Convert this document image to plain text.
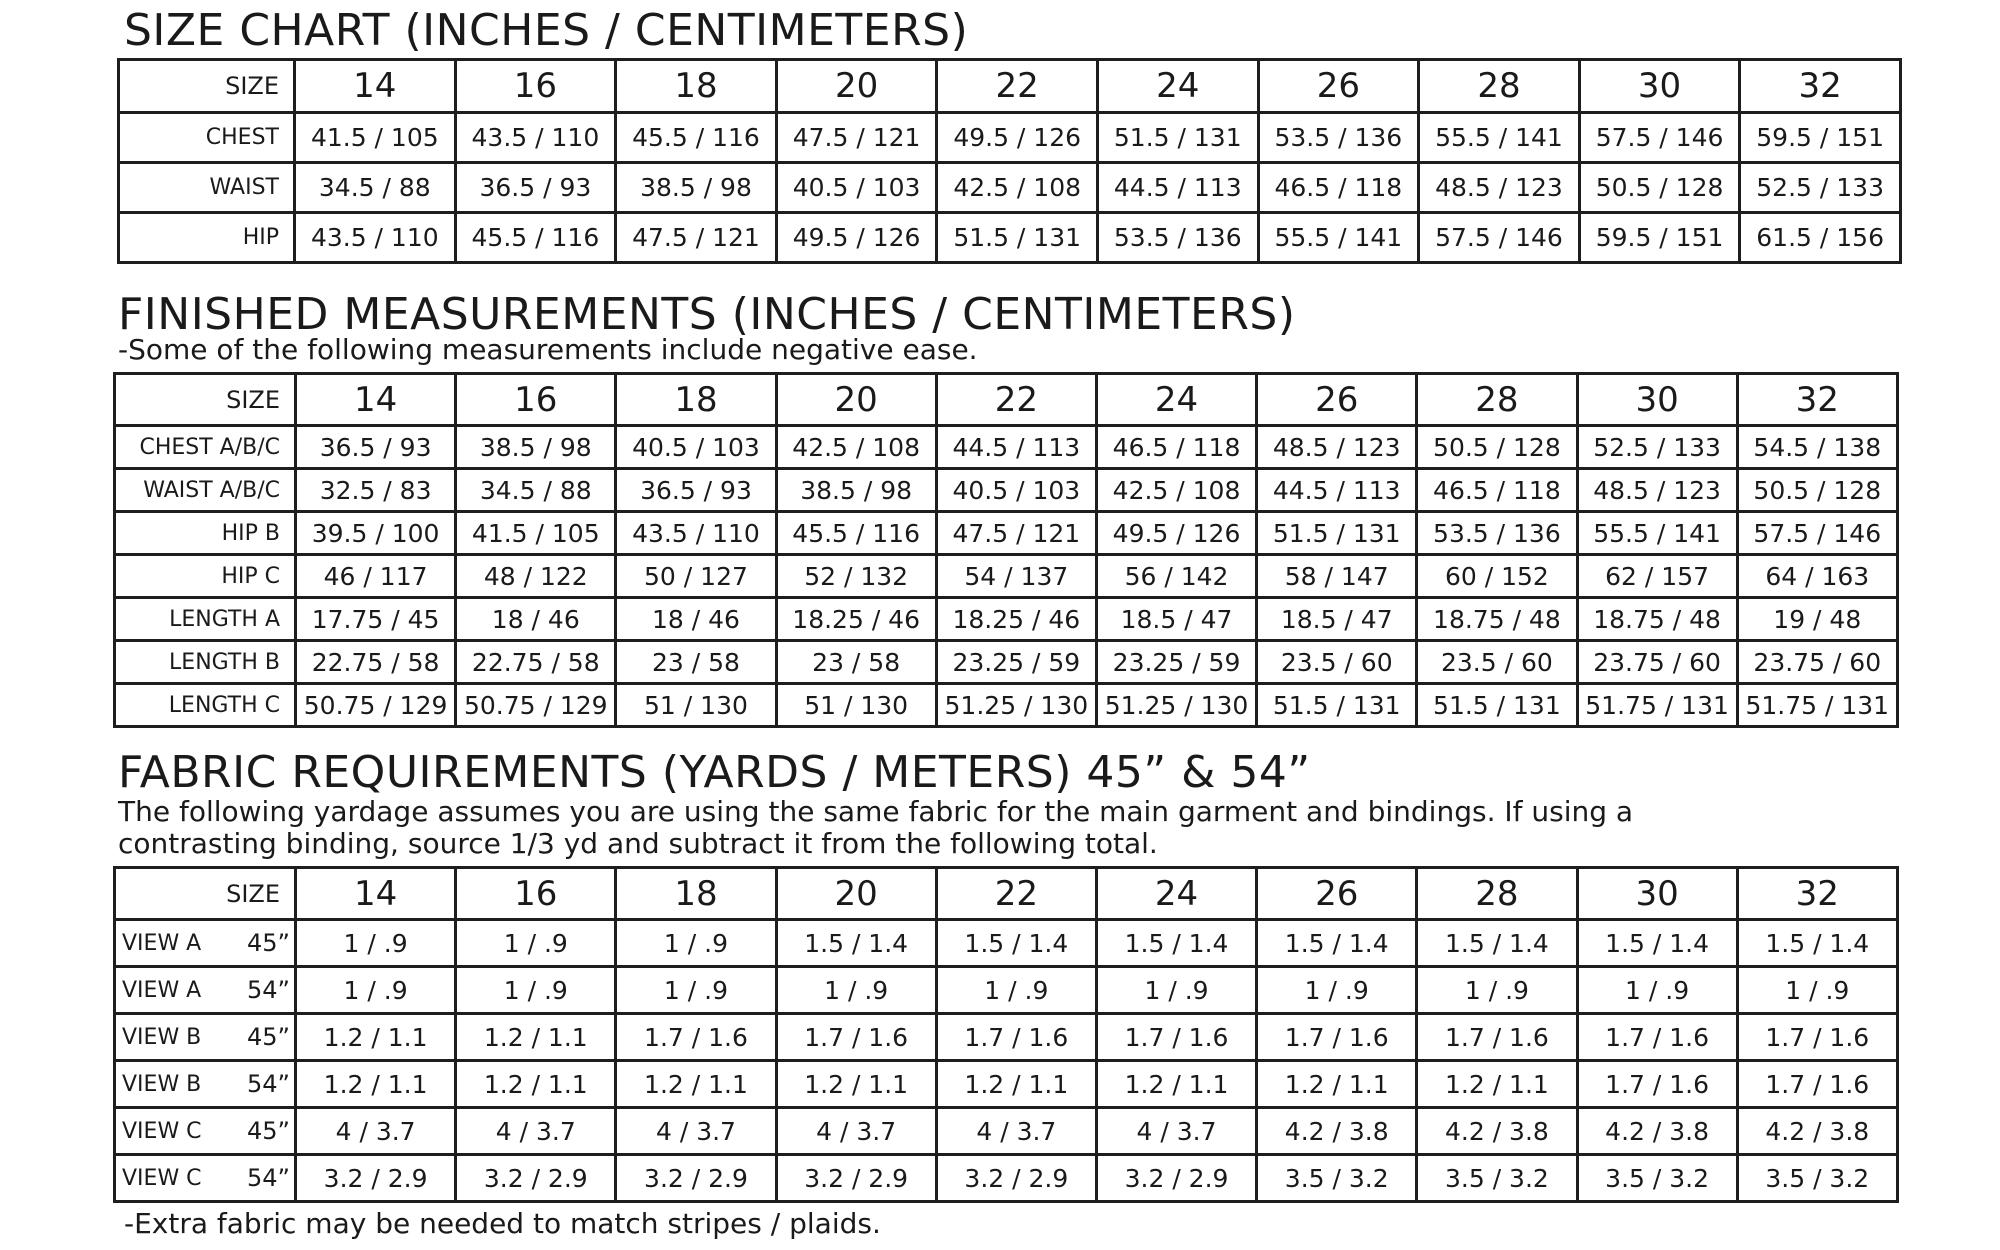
SIZE CHART (INCHES / CENTIMETERS)
SIZE	14	16	18	20	22	24	26	28	30	32
CHEST	41.5 / 105	43.5 / 110	45.5 / 116	47.5 / 121	49.5 / 126	51.5 / 131	53.5 / 136	55.5 / 141	57.5 / 146	59.5 / 151
WAIST	34.5 / 88	36.5 / 93	38.5 / 98	40.5 / 103	42.5 / 108	44.5 / 113	46.5 / 118	48.5 / 123	50.5 / 128	52.5 / 133
HIP	43.5 / 110	45.5 / 116	47.5 / 121	49.5 / 126	51.5 / 131	53.5 / 136	55.5 / 141	57.5 / 146	59.5 / 151	61.5 / 156
FINISHED MEASUREMENTS (INCHES / CENTIMETERS)
-Some of the following measurements include negative ease.
SIZE	14	16	18	20	22	24	26	28	30	32
CHEST A/B/C	36.5 / 93	38.5 / 98	40.5 / 103	42.5 / 108	44.5 / 113	46.5 / 118	48.5 / 123	50.5 / 128	52.5 / 133	54.5 / 138
WAIST A/B/C	32.5 / 83	34.5 / 88	36.5 / 93	38.5 / 98	40.5 / 103	42.5 / 108	44.5 / 113	46.5 / 118	48.5 / 123	50.5 / 128
HIP B	39.5 / 100	41.5 / 105	43.5 / 110	45.5 / 116	47.5 / 121	49.5 / 126	51.5 / 131	53.5 / 136	55.5 / 141	57.5 / 146
HIP C	46 / 117	48 / 122	50 / 127	52 / 132	54 / 137	56 / 142	58 / 147	60 / 152	62 / 157	64 / 163
LENGTH A	17.75 / 45	18 / 46	18 / 46	18.25 / 46	18.25 / 46	18.5 / 47	18.5 / 47	18.75 / 48	18.75 / 48	19 / 48
LENGTH B	22.75 / 58	22.75 / 58	23 / 58	23 / 58	23.25 / 59	23.25 / 59	23.5 / 60	23.5 / 60	23.75 / 60	23.75 / 60
LENGTH C	50.75 / 129	50.75 / 129	51 / 130	51 / 130	51.25 / 130	51.25 / 130	51.5 / 131	51.5 / 131	51.75 / 131	51.75 / 131
FABRIC REQUIREMENTS (YARDS / METERS) 45” & 54”
The following yardage assumes you are using the same fabric for the main garment and bindings. If using a
contrasting binding, source 1/3 yd and subtract it from the following total.
SIZE	14	16	18	20	22	24	26	28	30	32
VIEW A 45”	1 / .9	1 / .9	1 / .9	1.5 / 1.4	1.5 / 1.4	1.5 / 1.4	1.5 / 1.4	1.5 / 1.4	1.5 / 1.4	1.5 / 1.4
VIEW A 54”	1 / .9	1 / .9	1 / .9	1 / .9	1 / .9	1 / .9	1 / .9	1 / .9	1 / .9	1 / .9
VIEW B 45”	1.2 / 1.1	1.2 / 1.1	1.7 / 1.6	1.7 / 1.6	1.7 / 1.6	1.7 / 1.6	1.7 / 1.6	1.7 / 1.6	1.7 / 1.6	1.7 / 1.6
VIEW B 54”	1.2 / 1.1	1.2 / 1.1	1.2 / 1.1	1.2 / 1.1	1.2 / 1.1	1.2 / 1.1	1.2 / 1.1	1.2 / 1.1	1.7 / 1.6	1.7 / 1.6
VIEW C 45”	4 / 3.7	4 / 3.7	4 / 3.7	4 / 3.7	4 / 3.7	4 / 3.7	4.2 / 3.8	4.2 / 3.8	4.2 / 3.8	4.2 / 3.8
VIEW C 54”	3.2 / 2.9	3.2 / 2.9	3.2 / 2.9	3.2 / 2.9	3.2 / 2.9	3.2 / 2.9	3.5 / 3.2	3.5 / 3.2	3.5 / 3.2	3.5 / 3.2
-Extra fabric may be needed to match stripes / plaids.
